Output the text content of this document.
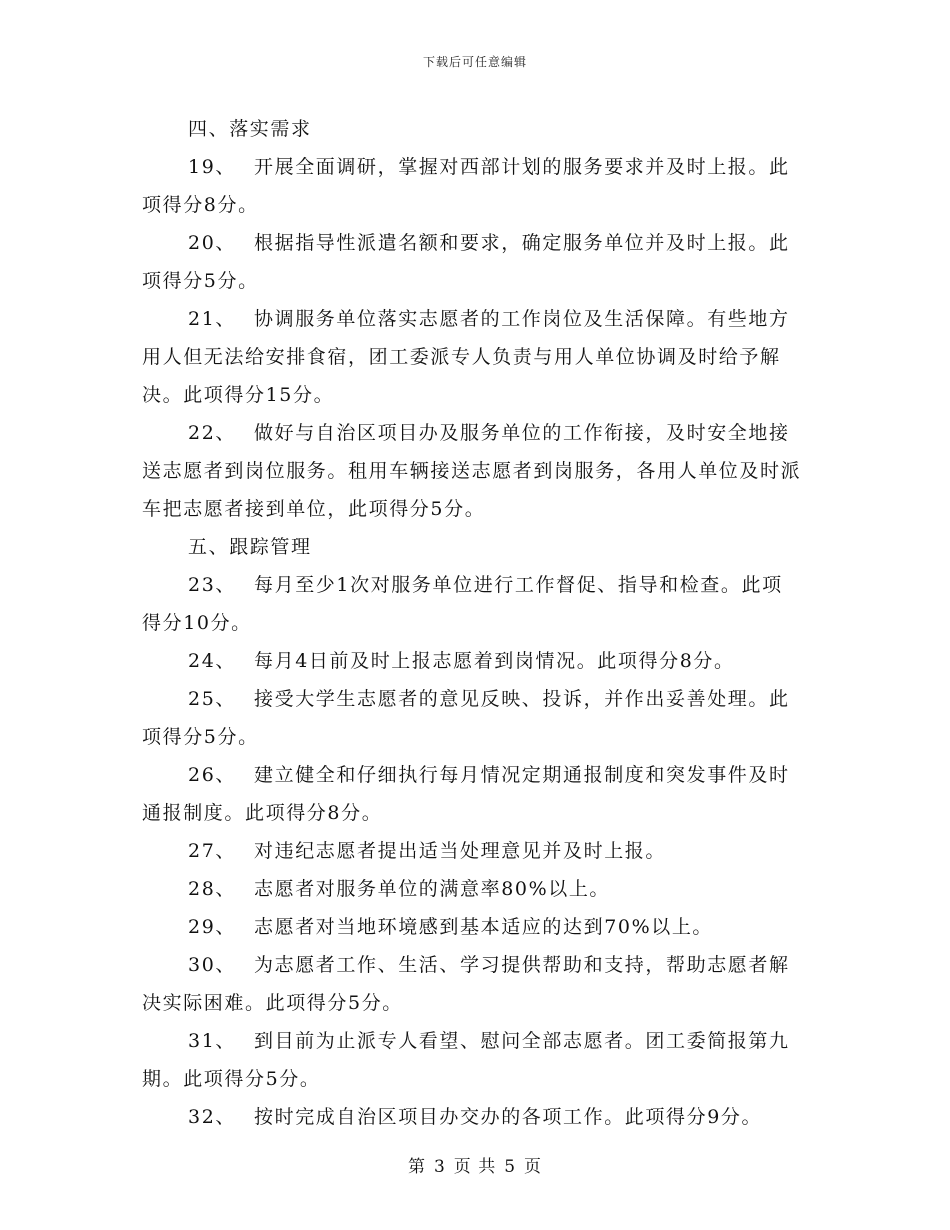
下载后可任意编辑

四、落实需求

19、 开展全面调研，掌握对西部计划的服务要求并及时上报。此项得分8分。

20、 根据指导性派遣名额和要求，确定服务单位并及时上报。此项得分5分。

21、 协调服务单位落实志愿者的工作岗位及生活保障。有些地方用人但无法给安排食宿，团工委派专人负责与用人单位协调及时给予解决。此项得分15分。

22、 做好与自治区项目办及服务单位的工作衔接，及时安全地接送志愿者到岗位服务。租用车辆接送志愿者到岗服务，各用人单位及时派车把志愿者接到单位，此项得分5分。

五、跟踪管理

23、 每月至少1次对服务单位进行工作督促、指导和检查。此项得分10分。

24、 每月4日前及时上报志愿着到岗情况。此项得分8分。

25、 接受大学生志愿者的意见反映、投诉，并作出妥善处理。此项得分5分。

26、 建立健全和仔细执行每月情况定期通报制度和突发事件及时通报制度。此项得分8分。

27、 对违纪志愿者提出适当处理意见并及时上报。

28、 志愿者对服务单位的满意率80%以上。

29、 志愿者对当地环境感到基本适应的达到70%以上。

30、 为志愿者工作、生活、学习提供帮助和支持，帮助志愿者解决实际困难。此项得分5分。

31、 到目前为止派专人看望、慰问全部志愿者。团工委简报第九期。此项得分5分。

32、 按时完成自治区项目办交办的各项工作。此项得分9分。

第 3 页 共 5 页
